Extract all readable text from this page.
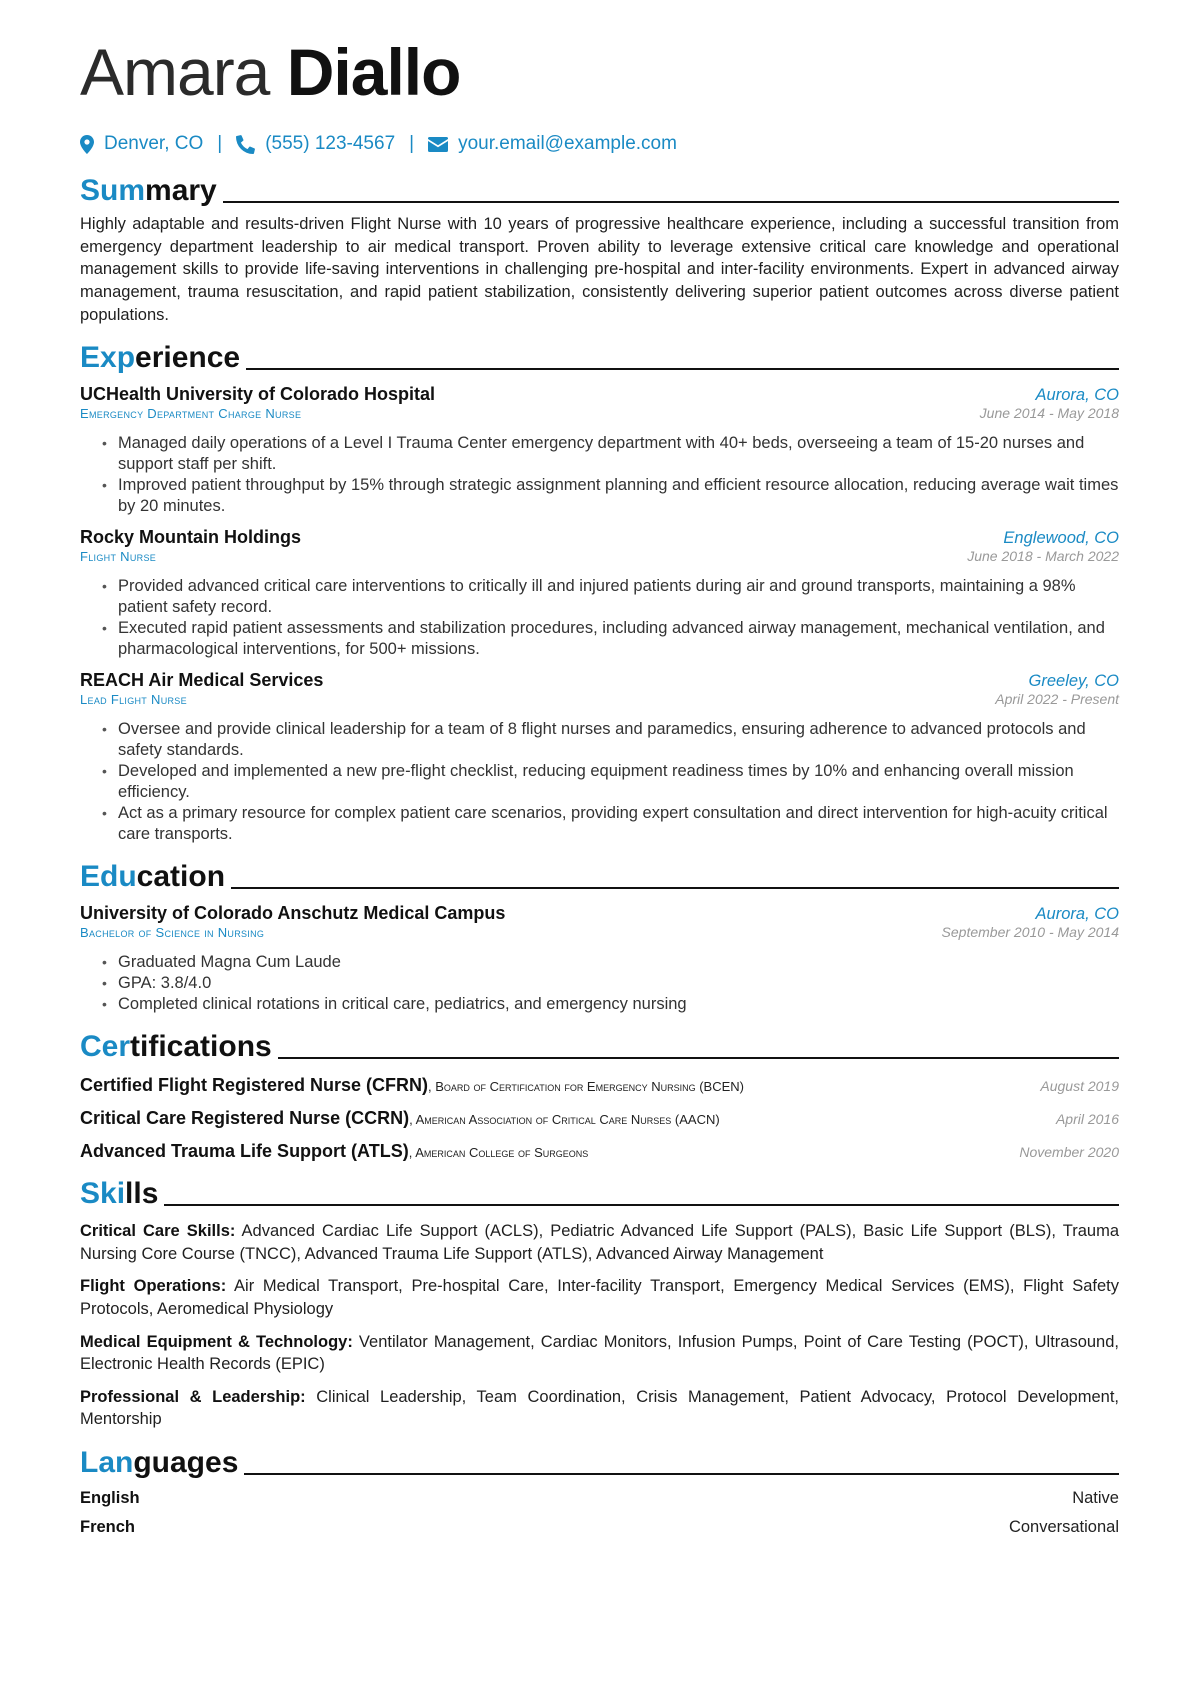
Amara Diallo
Denver, CO | (555) 123-4567 | your.email@example.com
Summary
Highly adaptable and results-driven Flight Nurse with 10 years of progressive healthcare experience, including a successful transition from emergency department leadership to air medical transport. Proven ability to leverage extensive critical care knowledge and operational management skills to provide life-saving interventions in challenging pre-hospital and inter-facility environments. Expert in advanced airway management, trauma resuscitation, and rapid patient stabilization, consistently delivering superior patient outcomes across diverse patient populations.
Experience
UCHealth University of Colorado Hospital	Aurora, CO
Emergency Department Charge Nurse	June 2014 - May 2018
• Managed daily operations of a Level I Trauma Center emergency department with 40+ beds, overseeing a team of 15-20 nurses and support staff per shift.
• Improved patient throughput by 15% through strategic assignment planning and efficient resource allocation, reducing average wait times by 20 minutes.
Rocky Mountain Holdings	Englewood, CO
Flight Nurse	June 2018 - March 2022
• Provided advanced critical care interventions to critically ill and injured patients during air and ground transports, maintaining a 98% patient safety record.
• Executed rapid patient assessments and stabilization procedures, including advanced airway management, mechanical ventilation, and pharmacological interventions, for 500+ missions.
REACH Air Medical Services	Greeley, CO
Lead Flight Nurse	April 2022 - Present
• Oversee and provide clinical leadership for a team of 8 flight nurses and paramedics, ensuring adherence to advanced protocols and safety standards.
• Developed and implemented a new pre-flight checklist, reducing equipment readiness times by 10% and enhancing overall mission efficiency.
• Act as a primary resource for complex patient care scenarios, providing expert consultation and direct intervention for high-acuity critical care transports.
Education
University of Colorado Anschutz Medical Campus	Aurora, CO
Bachelor of Science in Nursing	September 2010 - May 2014
• Graduated Magna Cum Laude
• GPA: 3.8/4.0
• Completed clinical rotations in critical care, pediatrics, and emergency nursing
Certifications
Certified Flight Registered Nurse (CFRN), Board of Certification for Emergency Nursing (BCEN)	August 2019
Critical Care Registered Nurse (CCRN), American Association of Critical Care Nurses (AACN)	April 2016
Advanced Trauma Life Support (ATLS), American College of Surgeons	November 2020
Skills
Critical Care Skills: Advanced Cardiac Life Support (ACLS), Pediatric Advanced Life Support (PALS), Basic Life Support (BLS), Trauma Nursing Core Course (TNCC), Advanced Trauma Life Support (ATLS), Advanced Airway Management
Flight Operations: Air Medical Transport, Pre-hospital Care, Inter-facility Transport, Emergency Medical Services (EMS), Flight Safety Protocols, Aeromedical Physiology
Medical Equipment & Technology: Ventilator Management, Cardiac Monitors, Infusion Pumps, Point of Care Testing (POCT), Ultrasound, Electronic Health Records (EPIC)
Professional & Leadership: Clinical Leadership, Team Coordination, Crisis Management, Patient Advocacy, Protocol Development, Mentorship
Languages
English	Native
French	Conversational
